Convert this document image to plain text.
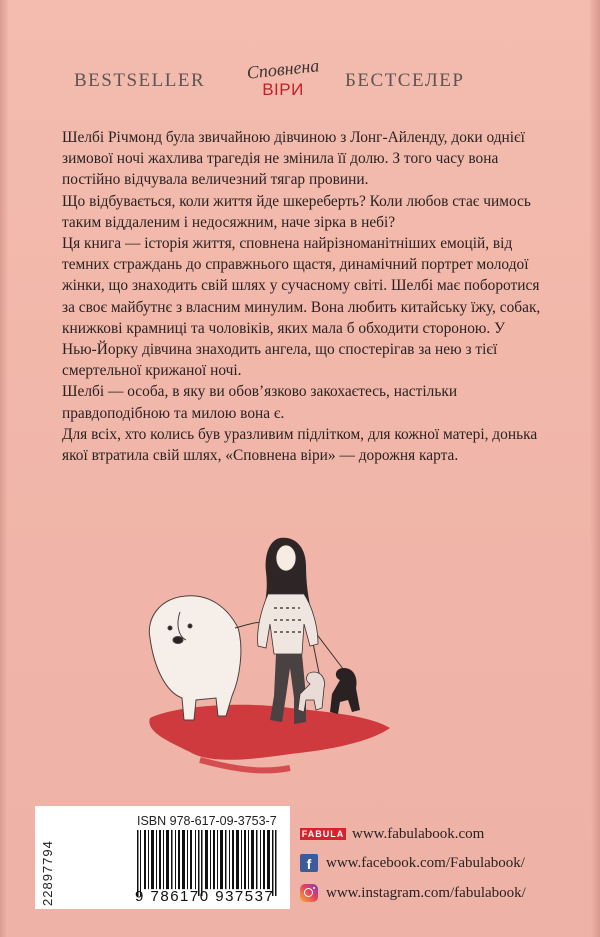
BESTSELLER	Сповнена
ВІРИ	БЕСТСЕЛЕР

Шелбі Річмонд була звичайною дівчиною з Лонг-Айленду, доки однієї зимової ночі жахлива трагедія не змінила її долю. З того часу вона постійно відчувала величезний тягар провини.

Що відбувається, коли життя йде шкереберть? Коли любов стає чимось таким віддаленим і недосяжним, наче зірка в небі?

Ця книга — історія життя, сповнена найрізноманітніших емоцій, від темних страждань до справжнього щастя, динамічний портрет молодої жінки, що знаходить свій шлях у сучасному світі. Шелбі має поборотися за своє майбутнє з власним минулим. Вона любить китайську їжу, собак, книжкові крамниці та чоловіків, яких мала б обходити стороною. У Нью-Йорку дівчина знаходить ангела, що спостерігав за нею з тієї смертельної крижаної ночі.

Шелбі — особа, в яку ви обов’язково закохаєтесь, настільки правдоподібною та милою вона є.

Для всіх, хто колись був уразливим підлітком, для кожної матері, донька якої втратила свій шлях, «Сповнена віри» — дорожня карта.

22897794
ISBN 978-617-09-3753-7
9 786170 937537
FABULA www.fabulabook.com
f www.facebook.com/Fabulabook/
www.instagram.com/fabulabook/
